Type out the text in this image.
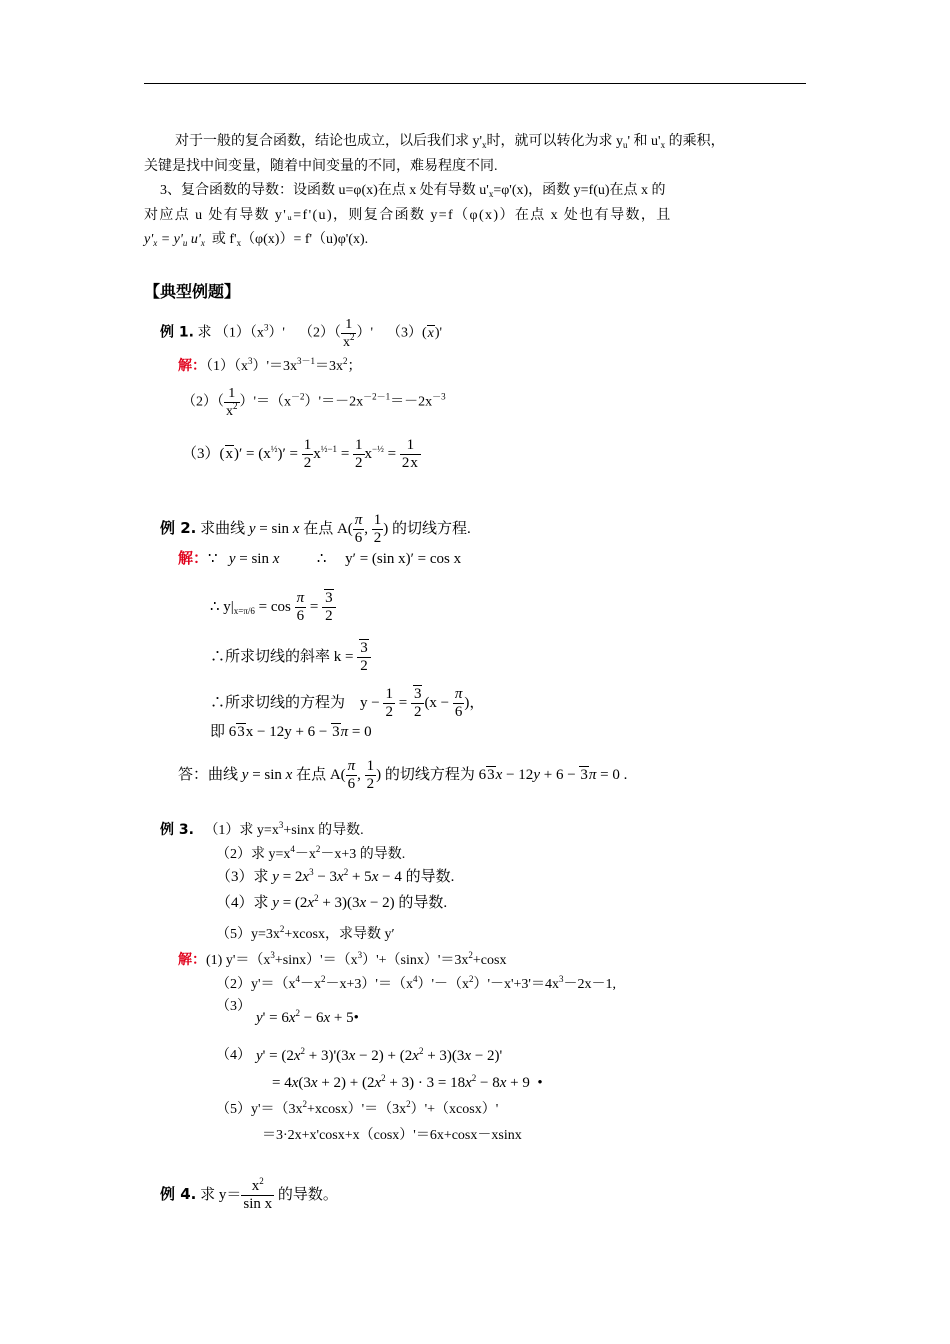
对于一般的复合函数，结论也成立，以后我们求 $y'_x$时，就可以转化为求 $y_u'$ 和 $u'_x$ 的乘积，
关键是找中间变量，随着中间变量的不同，难易程度不同.
3、复合函数的导数：设函数 u=φ(x)在点 x 处有导数 $u'_x=\varphi'(x)$，函数 y=f(u)在点 x 的
对应点 u 处有导数 y'ᵤ=f'(u)，则复合函数 y=f（φ(x)）在点 x 处也有导数，且
$y'_x = y'_u$ $u'_x$  或 $f'_x(\varphi(x))= f'(u)\varphi'(x)$.
【典型例题】
例 1. 求 $(1)(x^3)'$    $(2)( \frac{1}{x^2}$ ）'    （3）(x)'
解：$(1)(x^3)'=3x^{3-1}=3x^2$；
$(2)( \frac{1}{x^2} )'=(x^{-2})'=-2x^{-2-1}=-2x^{-3}$
$(3)(x)' = (x^{\frac{1}{2}})' = \frac{1}{2} x^{\frac{1}{2}-1} = \frac{1}{2} x^{-\frac{1}{2}} = \frac{1}{2x}$
例 2. 求曲线 y = sin x 在点 $A( \frac{\pi}{6}$ , $\frac{1}{2}$ ) 的切线方程.
解：∵   y = sin x          ∴     y′ = (sin x)′ = cos x
∴ $y|_{x=\pi/6} = \cos \frac{\pi}{6} = \frac{3}{2}$
∴所求切线的斜率 $k = \frac{3}{2}$
∴所求切线的方程为    $y - \frac{1}{2} = \frac{3}{2} (x - \frac{\pi}{6}$ )，
即 63x − 12y + 6 − 3π = 0
答：曲线 y = sin x 在点 $A( \frac{\pi}{6}$ , $\frac{1}{2}$ ) 的切线方程为 63x − 12y + 6 − 3π = 0 .
例 3.   （1）求 $y=x^3+\sin x$ 的导数.
（2）求 $y=x^4-x^2-x+3$ 的导数.
（3）求 $y = 2x^3 - 3x^2 + 5x - 4$ 的导数.
（4）求 $y = (2x^2 + 3)(3x - 2)$ 的导数.
$(5)y=3x^2+xcosx$，求导数 y′
解：(1) $y'=(x^3+\sin x)'=(x^3)'+(\sin x)'=3x^2+\cos x$
$(2)y'=(x^4-x^2-x+3)'=(x^4)'-(x^2)'-x'+3'=4x^3-2x-1$,
（3）
$y' = 6x^2 - 6x$ + 5•
（4） $y' = (2x^2 + 3)'(3x - 2) + (2x^2 + 3)(3x - 2)'$
= $4x(3x + 2) + (2x^2 + 3) \cdot 3 = 18x^2 - 8x + 9$  •
$(5)y'=(3x^2+xcosx)'=(3x^2)'+(xcosx)'$
＝3·2x+x'cosx+x（cosx）'＝6x+cosx－xsinx
例 4. 求 $y= \frac{x^2}{\text{sin x}}$ 的导数。
